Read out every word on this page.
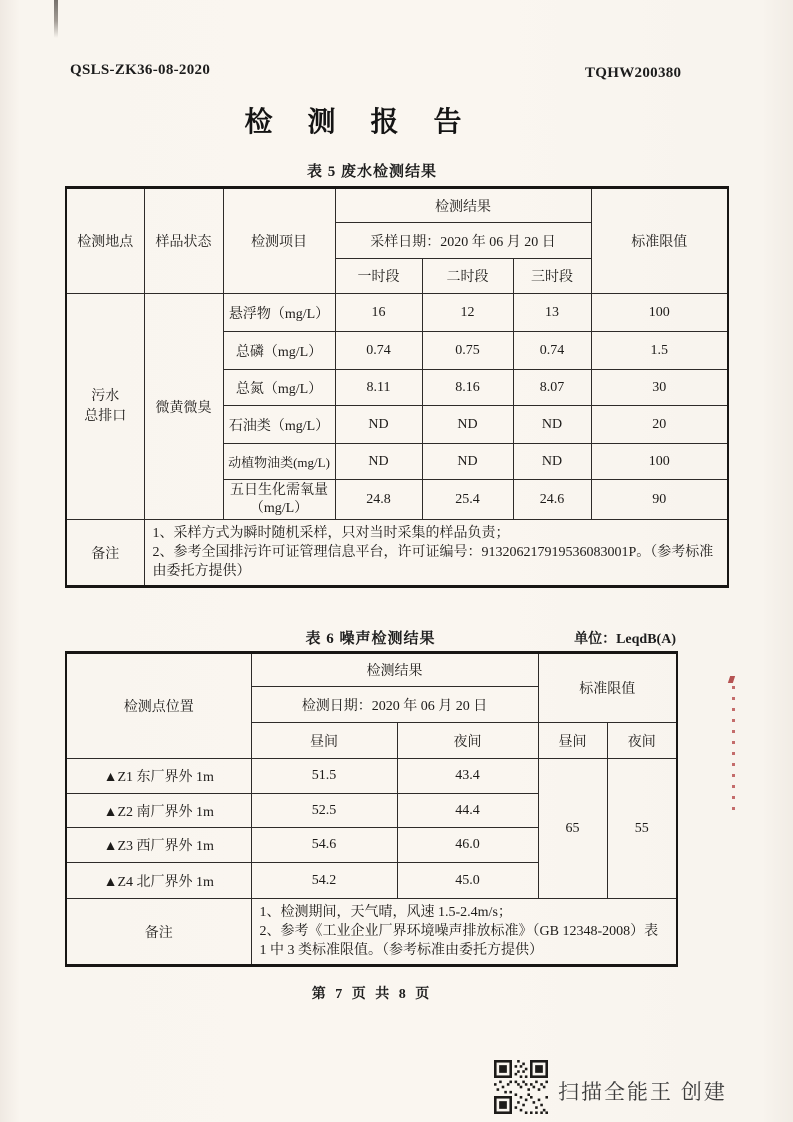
QSLS-ZK36-08-2020	TQHW200380
检 测 报 告
表 5 废水检测结果
检测地点	样品状态	检测项目	检测结果			标准限值
			采样日期：2020 年 06 月 20 日			
			一时段	二时段	三时段	

污水
总排口	微黄微臭	悬浮物（mg/L）	16	12	13	100
		总磷（mg/L）	0.74	0.75	0.74	1.5
		总氮（mg/L）	8.11	8.16	8.07	30
		石油类（mg/L）	ND	ND	ND	20
		动植物油类(mg/L)	ND	ND	ND	100
		五日生化需氧量（mg/L）	24.8	25.4	24.6	90
备注	1、采样方式为瞬时随机采样，只对当时采集的样品负责；
2、参考全国排污许可证管理信息平台，许可证编号：913206217919536083001P。（参考标准由委托方提供）					
表 6 噪声检测结果	单位：LeqdB(A)
检测点位置	检测结果		标准限值	
	检测日期：2020 年 06 月 20 日			
	昼间	夜间	昼间	夜间
▲Z1 东厂界外 1m	51.5	43.4	65	55
▲Z2 南厂界外 1m	52.5	44.4		
▲Z3 西厂界外 1m	54.6	46.0		
▲Z4 北厂界外 1m	54.2	45.0		
备注	1、检测期间，天气晴，风速 1.5-2.4m/s；
2、参考《工业企业厂界环境噪声排放标准》（GB 12348-2008）表 1 中 3 类标准限值。（参考标准由委托方提供）			
第 7 页 共 8 页
扫描全能王 创建
